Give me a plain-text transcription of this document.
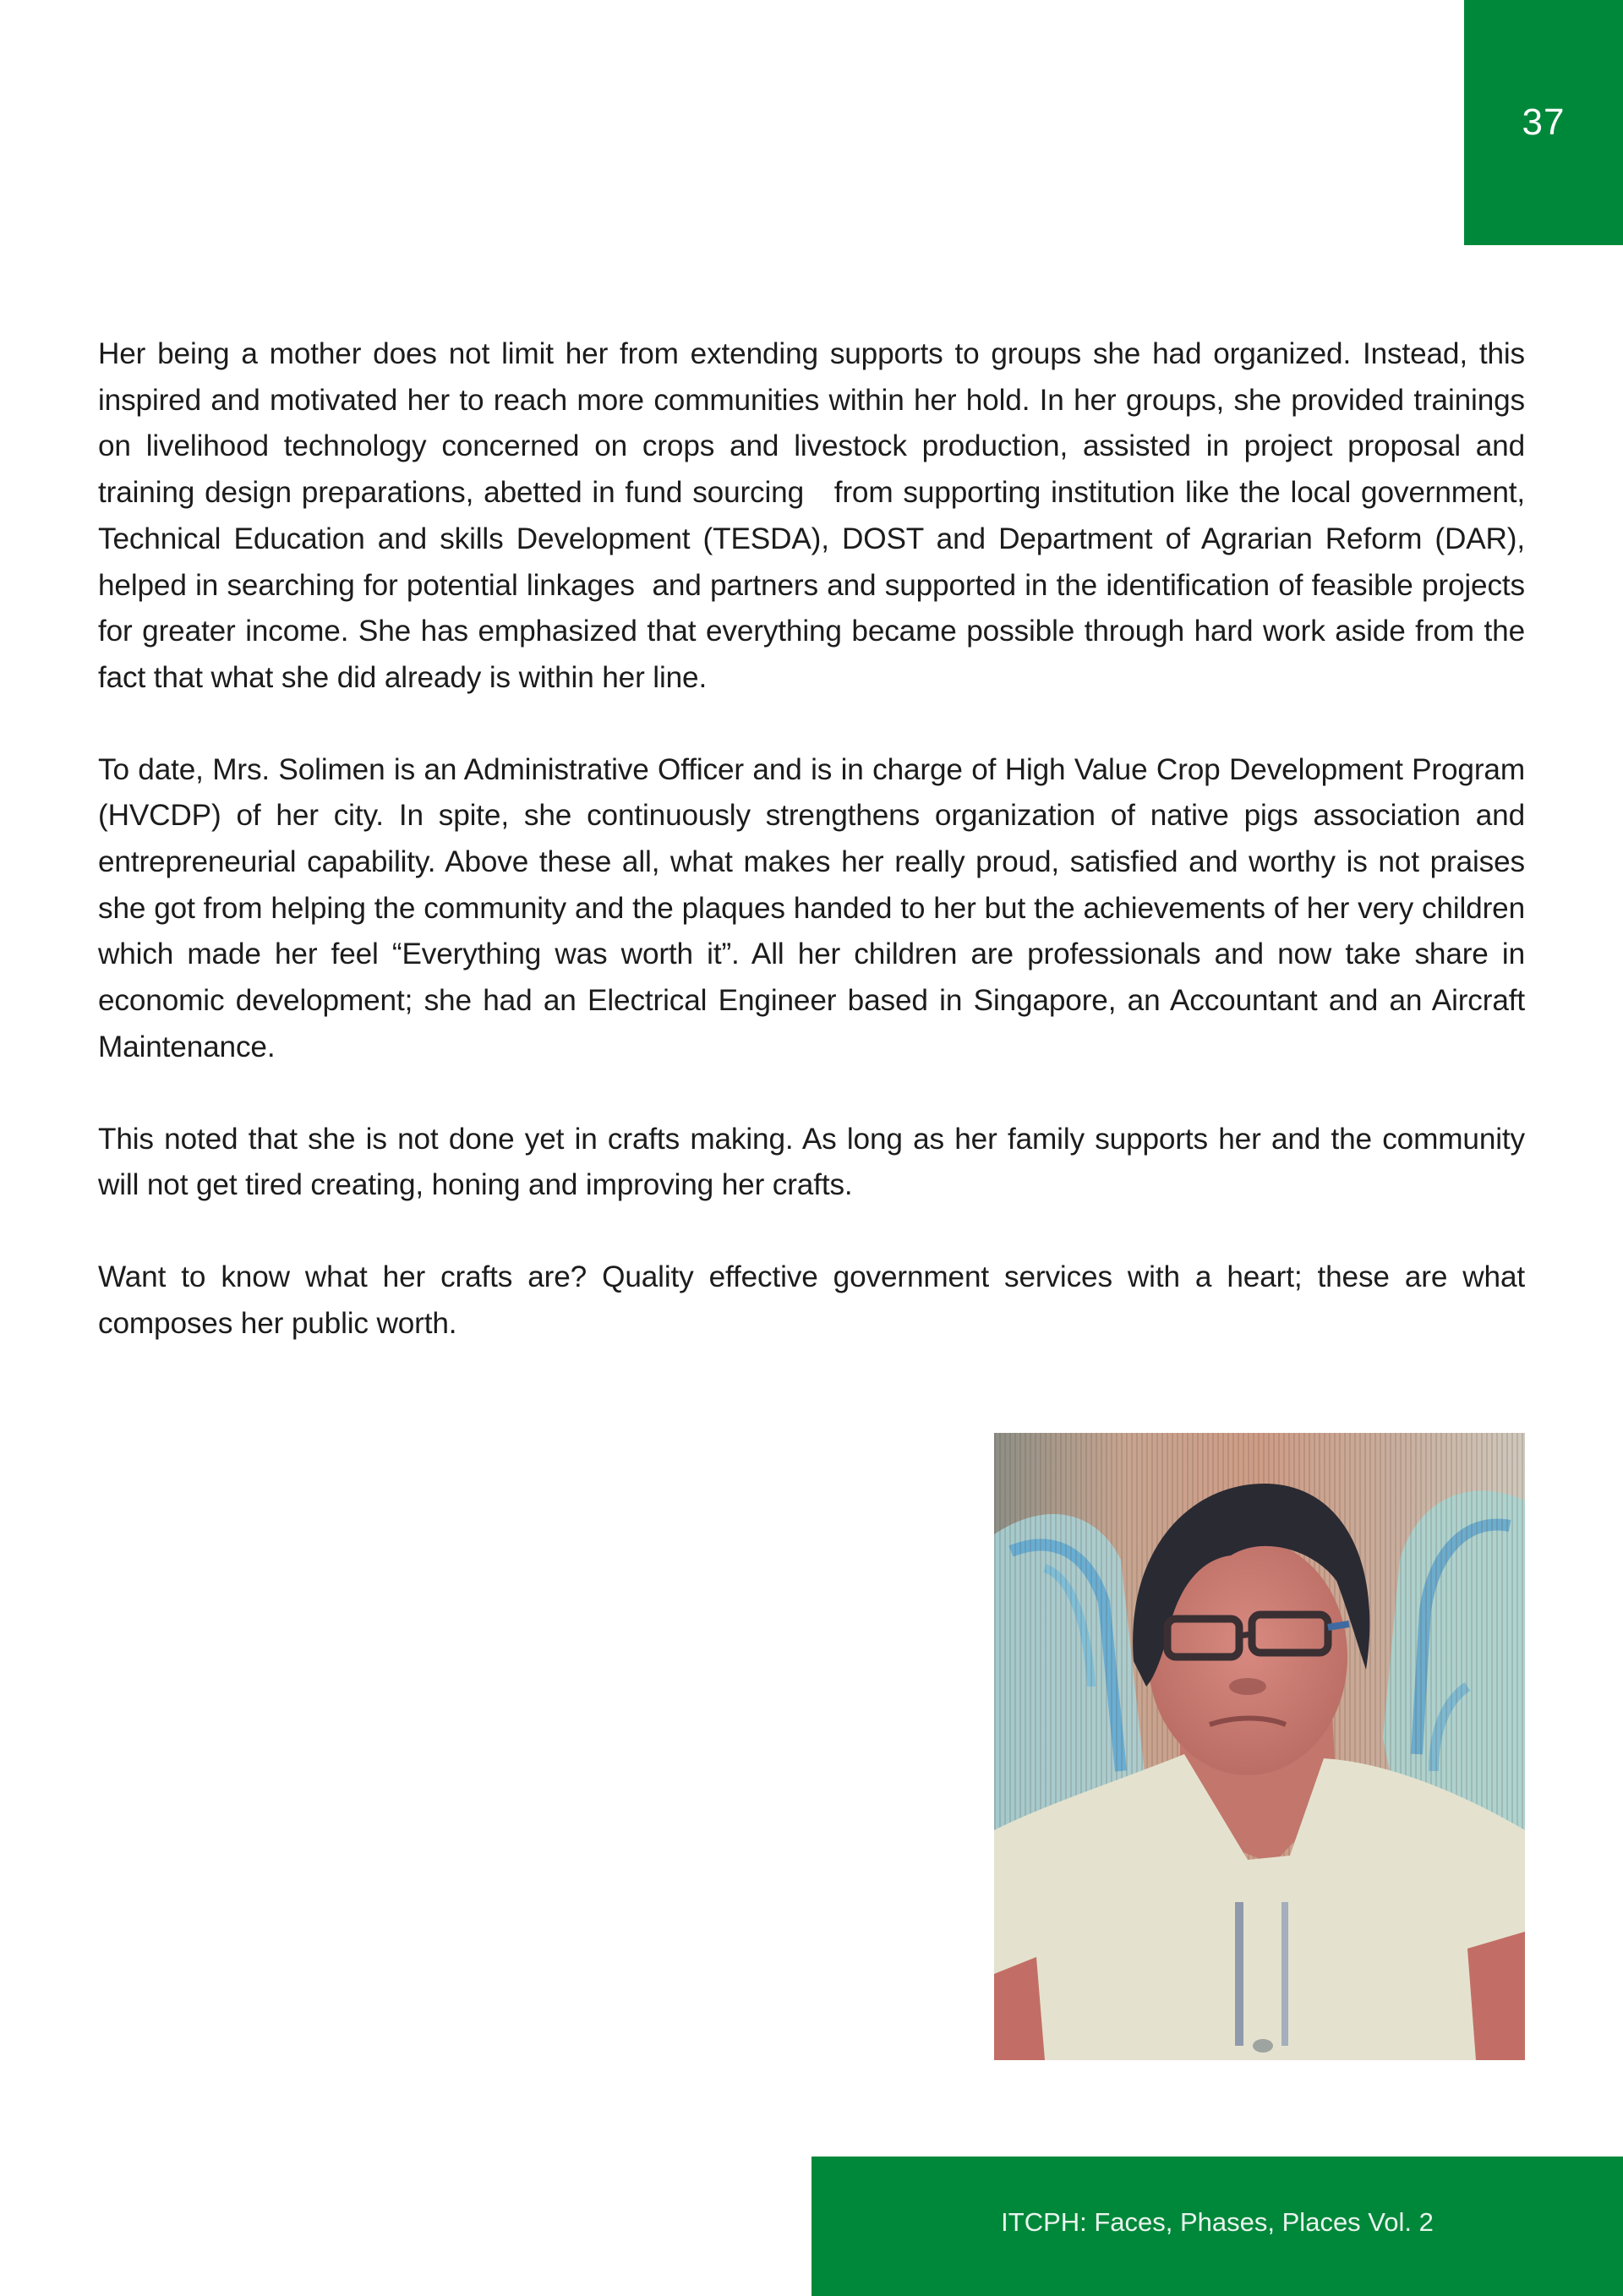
37

Her being a mother does not limit her from extending supports to groups she had organized. Instead, this inspired and motivated her to reach more communities within her hold. In her groups, she provided trainings on livelihood technology concerned on crops and livestock production, assisted in project proposal and training design preparations, abetted in fund sourcing   from supporting institution like the local government, Technical Education and skills Development (TESDA), DOST and Department of Agrarian Reform (DAR), helped in searching for potential linkages  and partners and supported in the identification of feasible projects for greater income. She has emphasized that everything became possible through hard work aside from the fact that what she did already is within her line.

To date, Mrs. Solimen is an Administrative Officer and is in charge of High Value Crop Development Program (HVCDP) of her city. In spite, she continuously strengthens organization of native pigs association and entrepreneurial capability. Above these all, what makes her really proud, satisfied and worthy is not praises she got from helping the community and the plaques handed to her but the achievements of her very children which made her feel “Everything was worth it”. All her children are professionals and now take share in economic development; she had an Electrical Engineer based in Singapore, an Accountant and an Aircraft Maintenance.

This noted that she is not done yet in crafts making. As long as her family supports her and the community will not get tired creating, honing and improving her crafts.

Want to know what her crafts are? Quality effective government services with a heart; these are what composes her public worth.

ITCPH: Faces, Phases, Places Vol. 2
